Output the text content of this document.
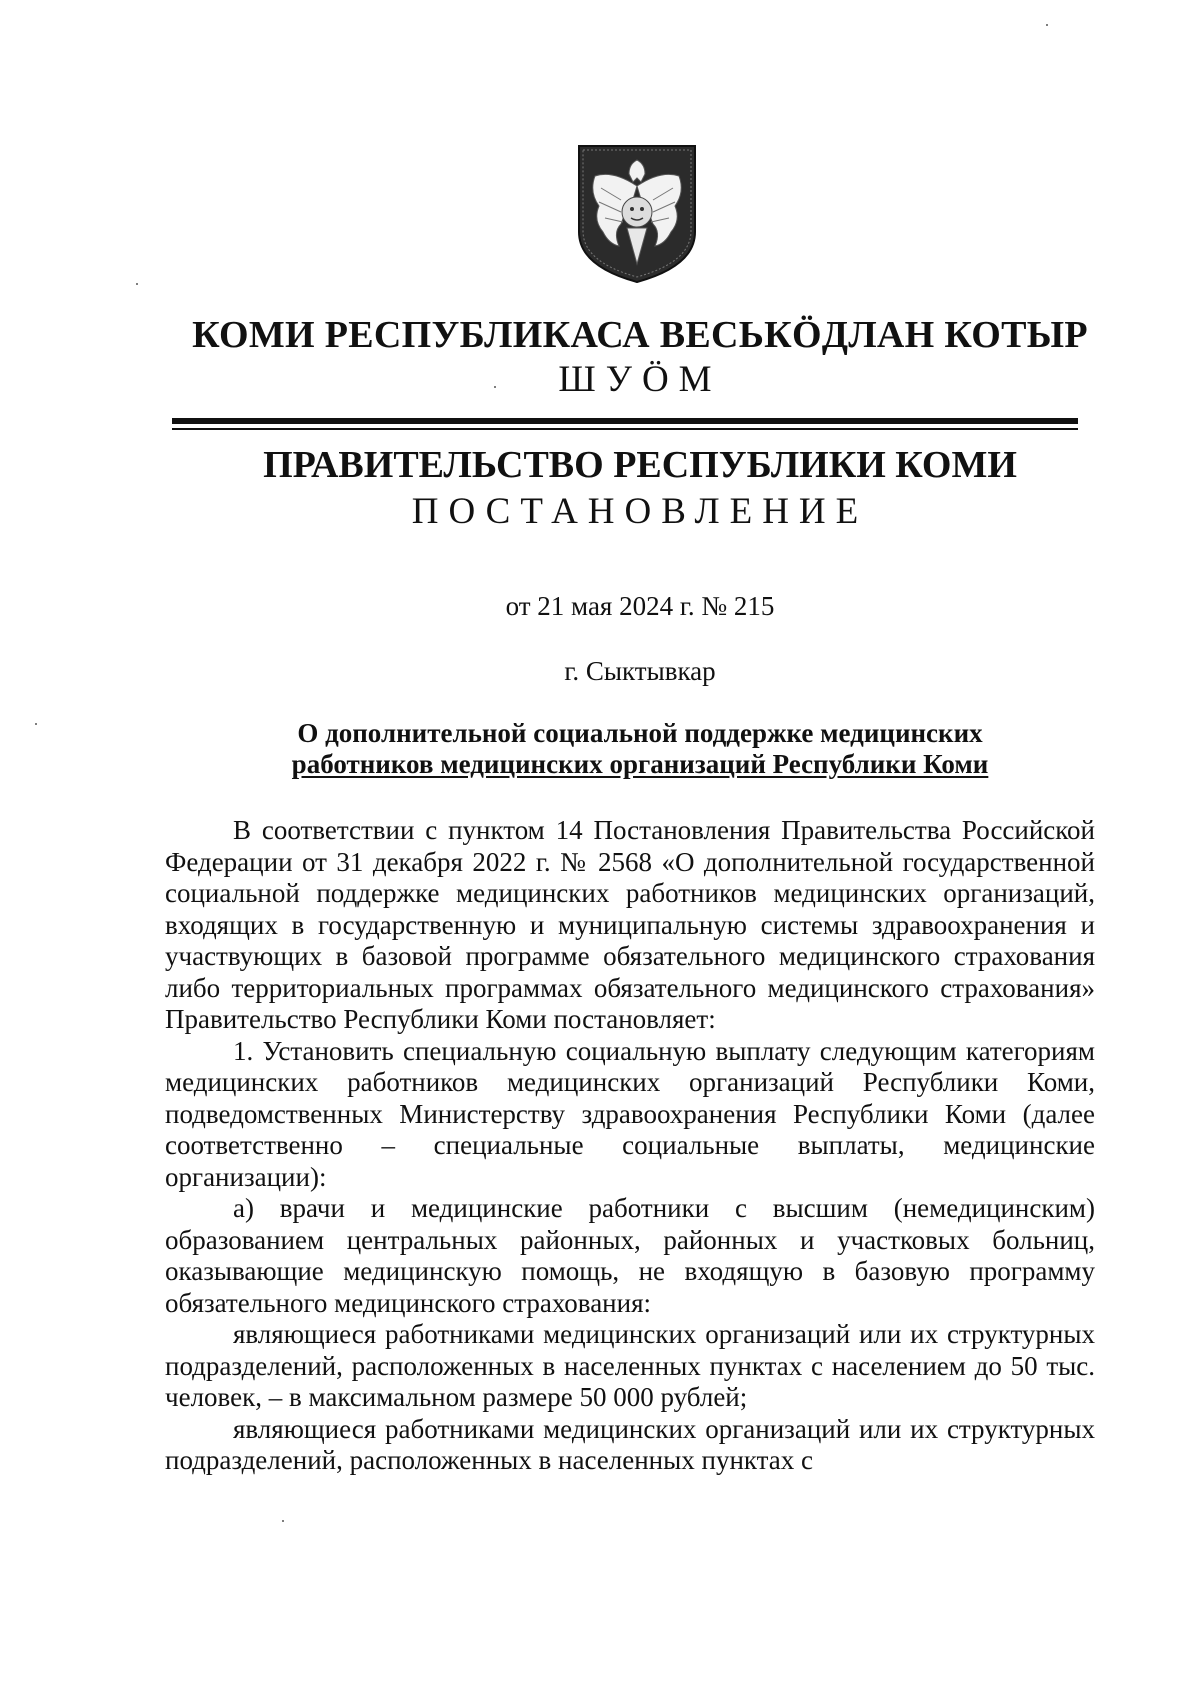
КОМИ РЕСПУБЛИКАСА ВЕСЬКӦДЛАН КОТЫР
ШУӦМ
ПРАВИТЕЛЬСТВО РЕСПУБЛИКИ КОМИ
ПОСТАНОВЛЕНИЕ
от 21 мая 2024 г. № 215
г. Сыктывкар
О дополнительной социальной поддержке медицинских
работников медицинских организаций Республики Коми

В соответствии с пунктом 14 Постановления Правительства Российской Федерации от 31 декабря 2022 г. № 2568 «О дополнительной государственной социальной поддержке медицинских работников медицинских организаций, входящих в государственную и муниципальную системы здравоохранения и участвующих в базовой программе обязательного медицинского страхования либо территориальных программах обязательного медицинского страхования» Правительство Республики Коми постановляет:

1. Установить специальную социальную выплату следующим категориям медицинских работников медицинских организаций Республики Коми, подведомственных Министерству здравоохранения Республики Коми (далее соответственно – специальные социальные выплаты, медицинские организации):

а) врачи и медицинские работники с высшим (немедицинским) образованием центральных районных, районных и участковых больниц, оказывающие медицинскую помощь, не входящую в базовую программу обязательного медицинского страхования:

являющиеся работниками медицинских организаций или их структурных подразделений, расположенных в населенных пунктах с населением до 50 тыс. человек, – в максимальном размере 50 000 рублей;

являющиеся работниками медицинских организаций или их структурных подразделений, расположенных в населенных пунктах с
